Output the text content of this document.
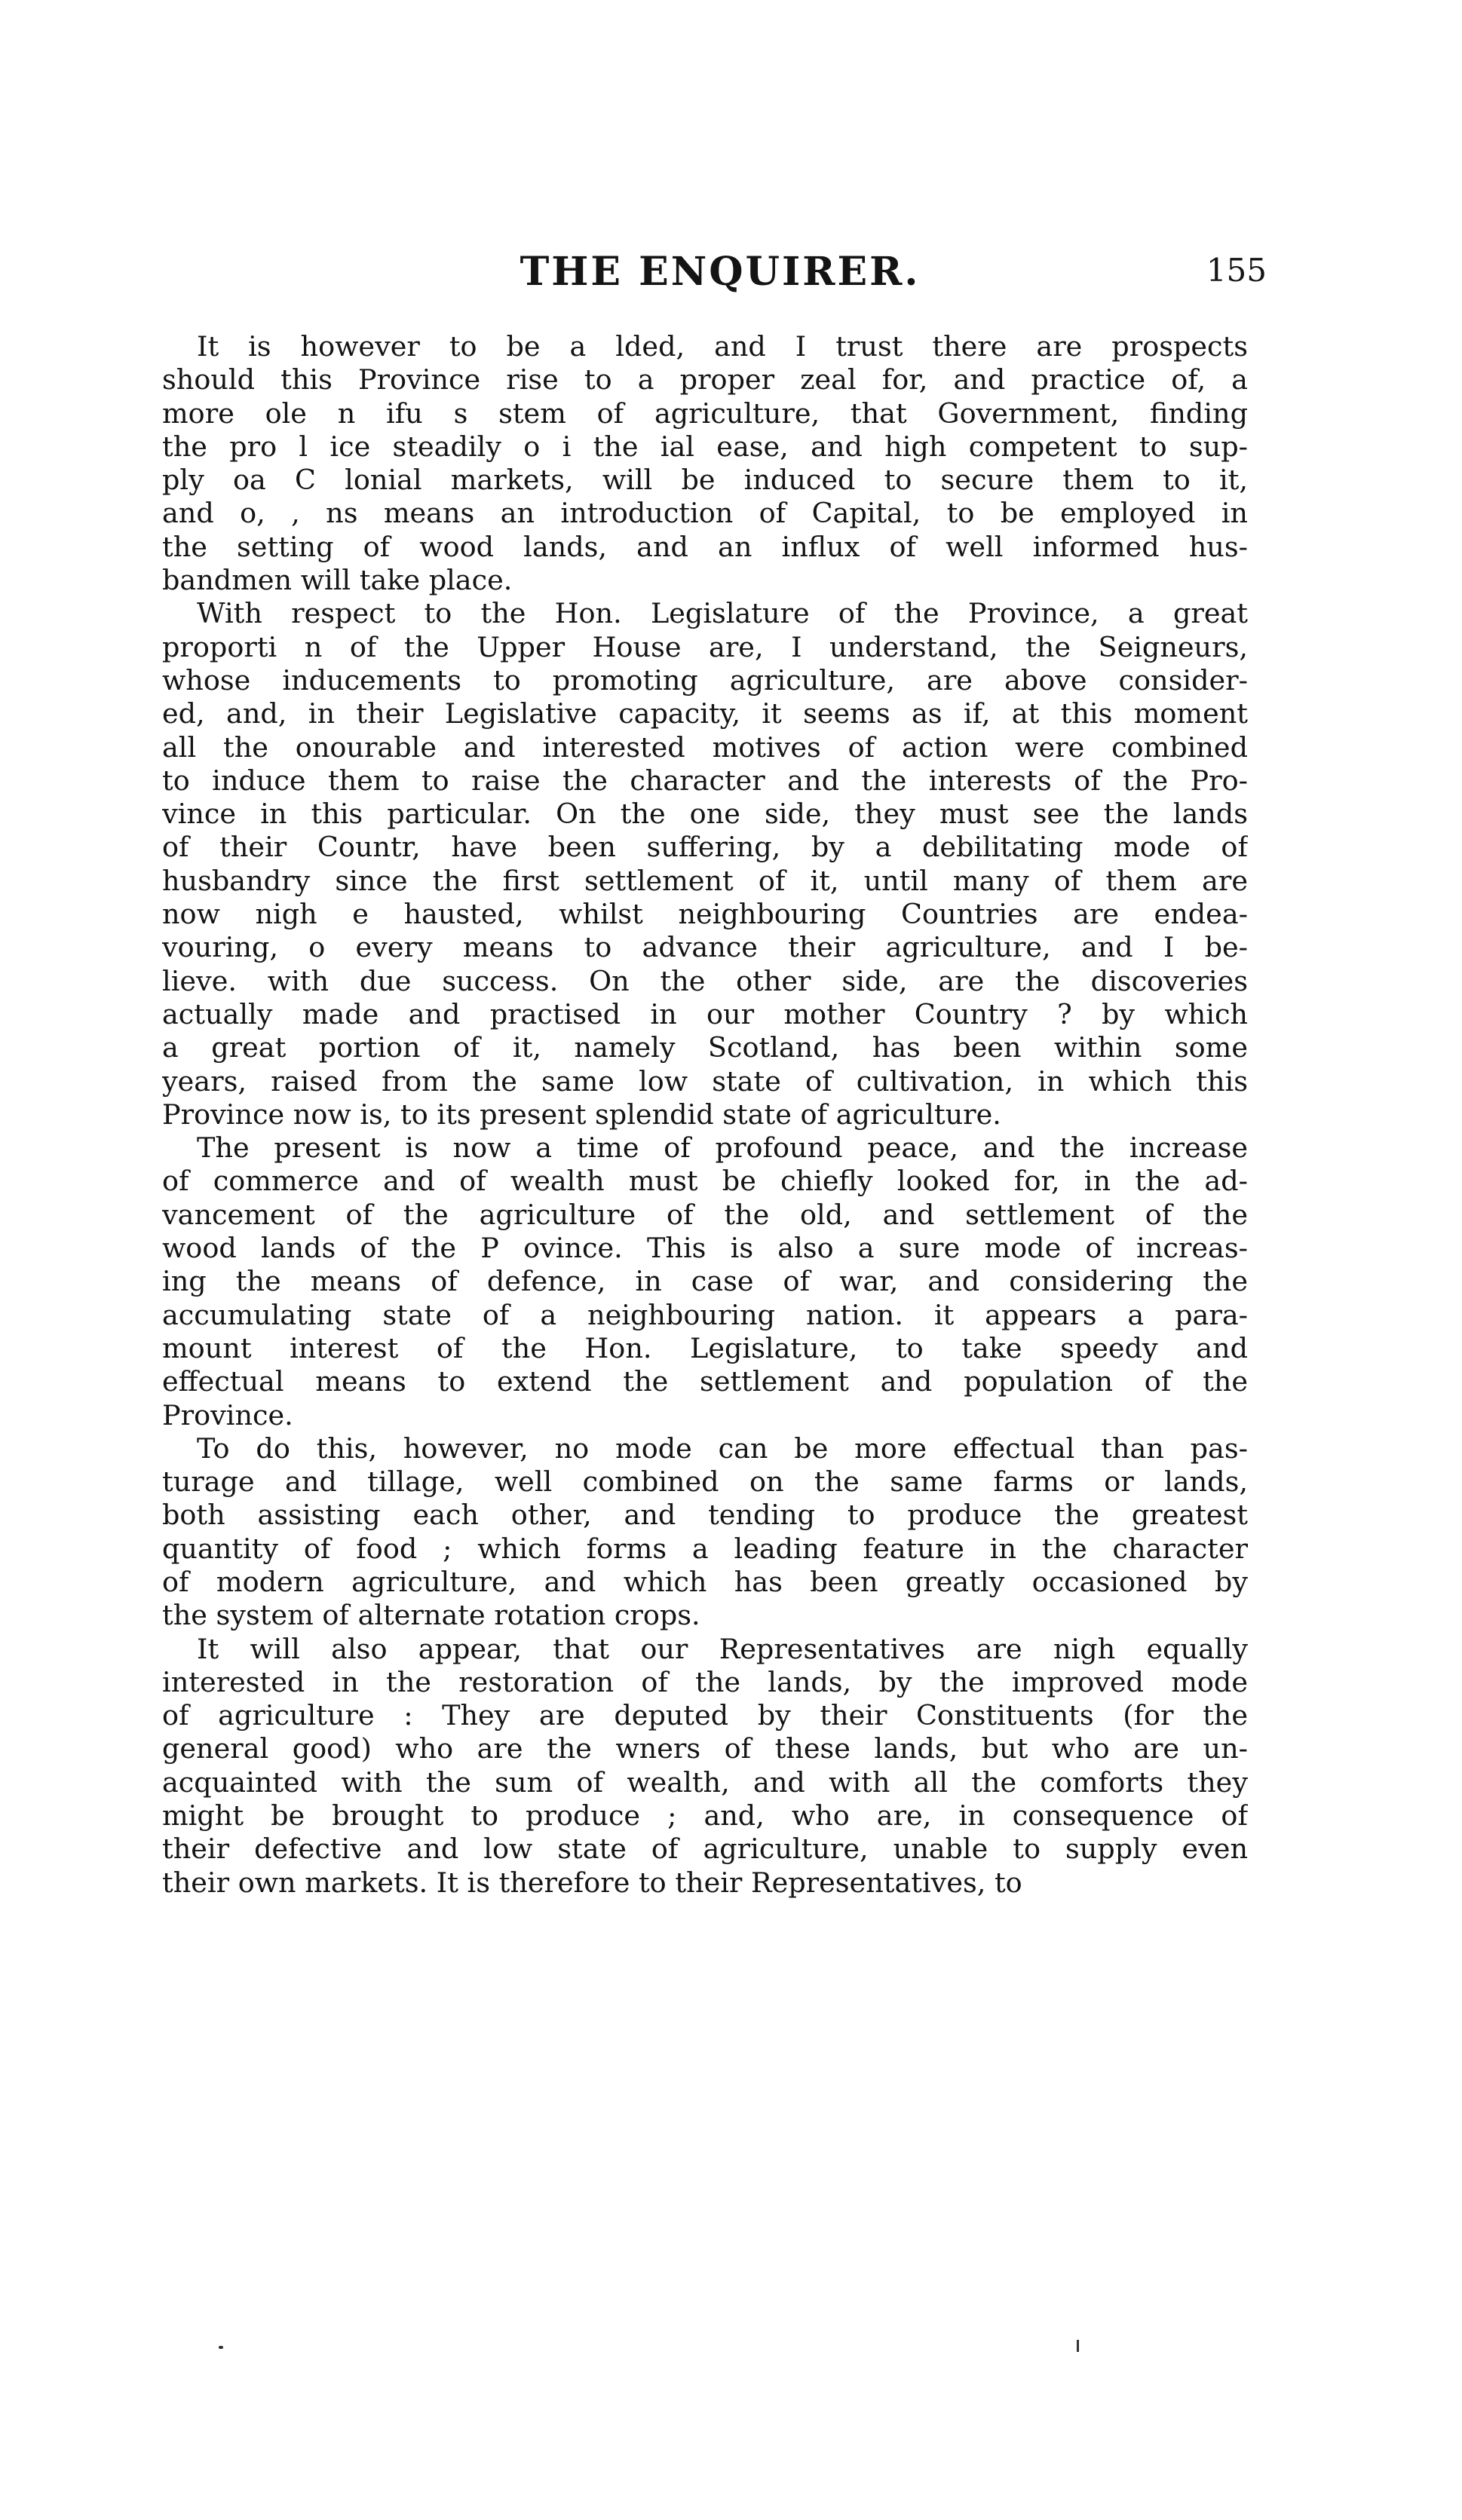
THE ENQUIRER.	155
It is however to be a lded, and I trust there are prospects
should this Province rise to a proper zeal for, and practice of, a
more ole n ifu s stem of agriculture, that Government, finding
the pro l ice steadily o i the ial ease, and high competent to sup-
ply oa C lonial markets, will be induced to secure them to it,
and o, , ns means an introduction of Capital, to be employed in
the setting of wood lands, and an influx of well informed hus-
bandmen will take place.
With respect to the Hon. Legislature of the Province, a great
proporti n of the Upper House are, I understand, the Seigneurs,
whose inducements to promoting agriculture, are above consider-
ed, and, in their Legislative capacity, it seems as if, at this moment
all the onourable and interested motives of action were combined
to induce them to raise the character and the interests of the Pro-
vince in this particular. On the one side, they must see the lands
of their Countr, have been suffering, by a debilitating mode of
husbandry since the first settlement of it, until many of them are
now nigh e hausted, whilst neighbouring Countries are endea-
vouring, o every means to advance their agriculture, and I be-
lieve. with due success. On the other side, are the discoveries
actually made and practised in our mother Country ? by which
a great portion of it, namely Scotland, has been within some
years, raised from the same low state of cultivation, in which this
Province now is, to its present splendid state of agriculture.
The present is now a time of profound peace, and the increase
of commerce and of wealth must be chiefly looked for, in the ad-
vancement of the agriculture of the old, and settlement of the
wood lands of the P ovince. This is also a sure mode of increas-
ing the means of defence, in case of war, and considering the
accumulating state of a neighbouring nation. it appears a para-
mount interest of the Hon. Legislature, to take speedy and
effectual means to extend the settlement and population of the
Province.
To do this, however, no mode can be more effectual than pas-
turage and tillage, well combined on the same farms or lands,
both assisting each other, and tending to produce the greatest
quantity of food ; which forms a leading feature in the character
of modern agriculture, and which has been greatly occasioned by
the system of alternate rotation crops.
It will also appear, that our Representatives are nigh equally
interested in the restoration of the lands, by the improved mode
of agriculture : They are deputed by their Constituents (for the
general good) who are the wners of these lands, but who are un-
acquainted with the sum of wealth, and with all the comforts they
might be brought to produce ; and, who are, in consequence of
their defective and low state of agriculture, unable to supply even
their own markets. It is therefore to their Representatives, to
